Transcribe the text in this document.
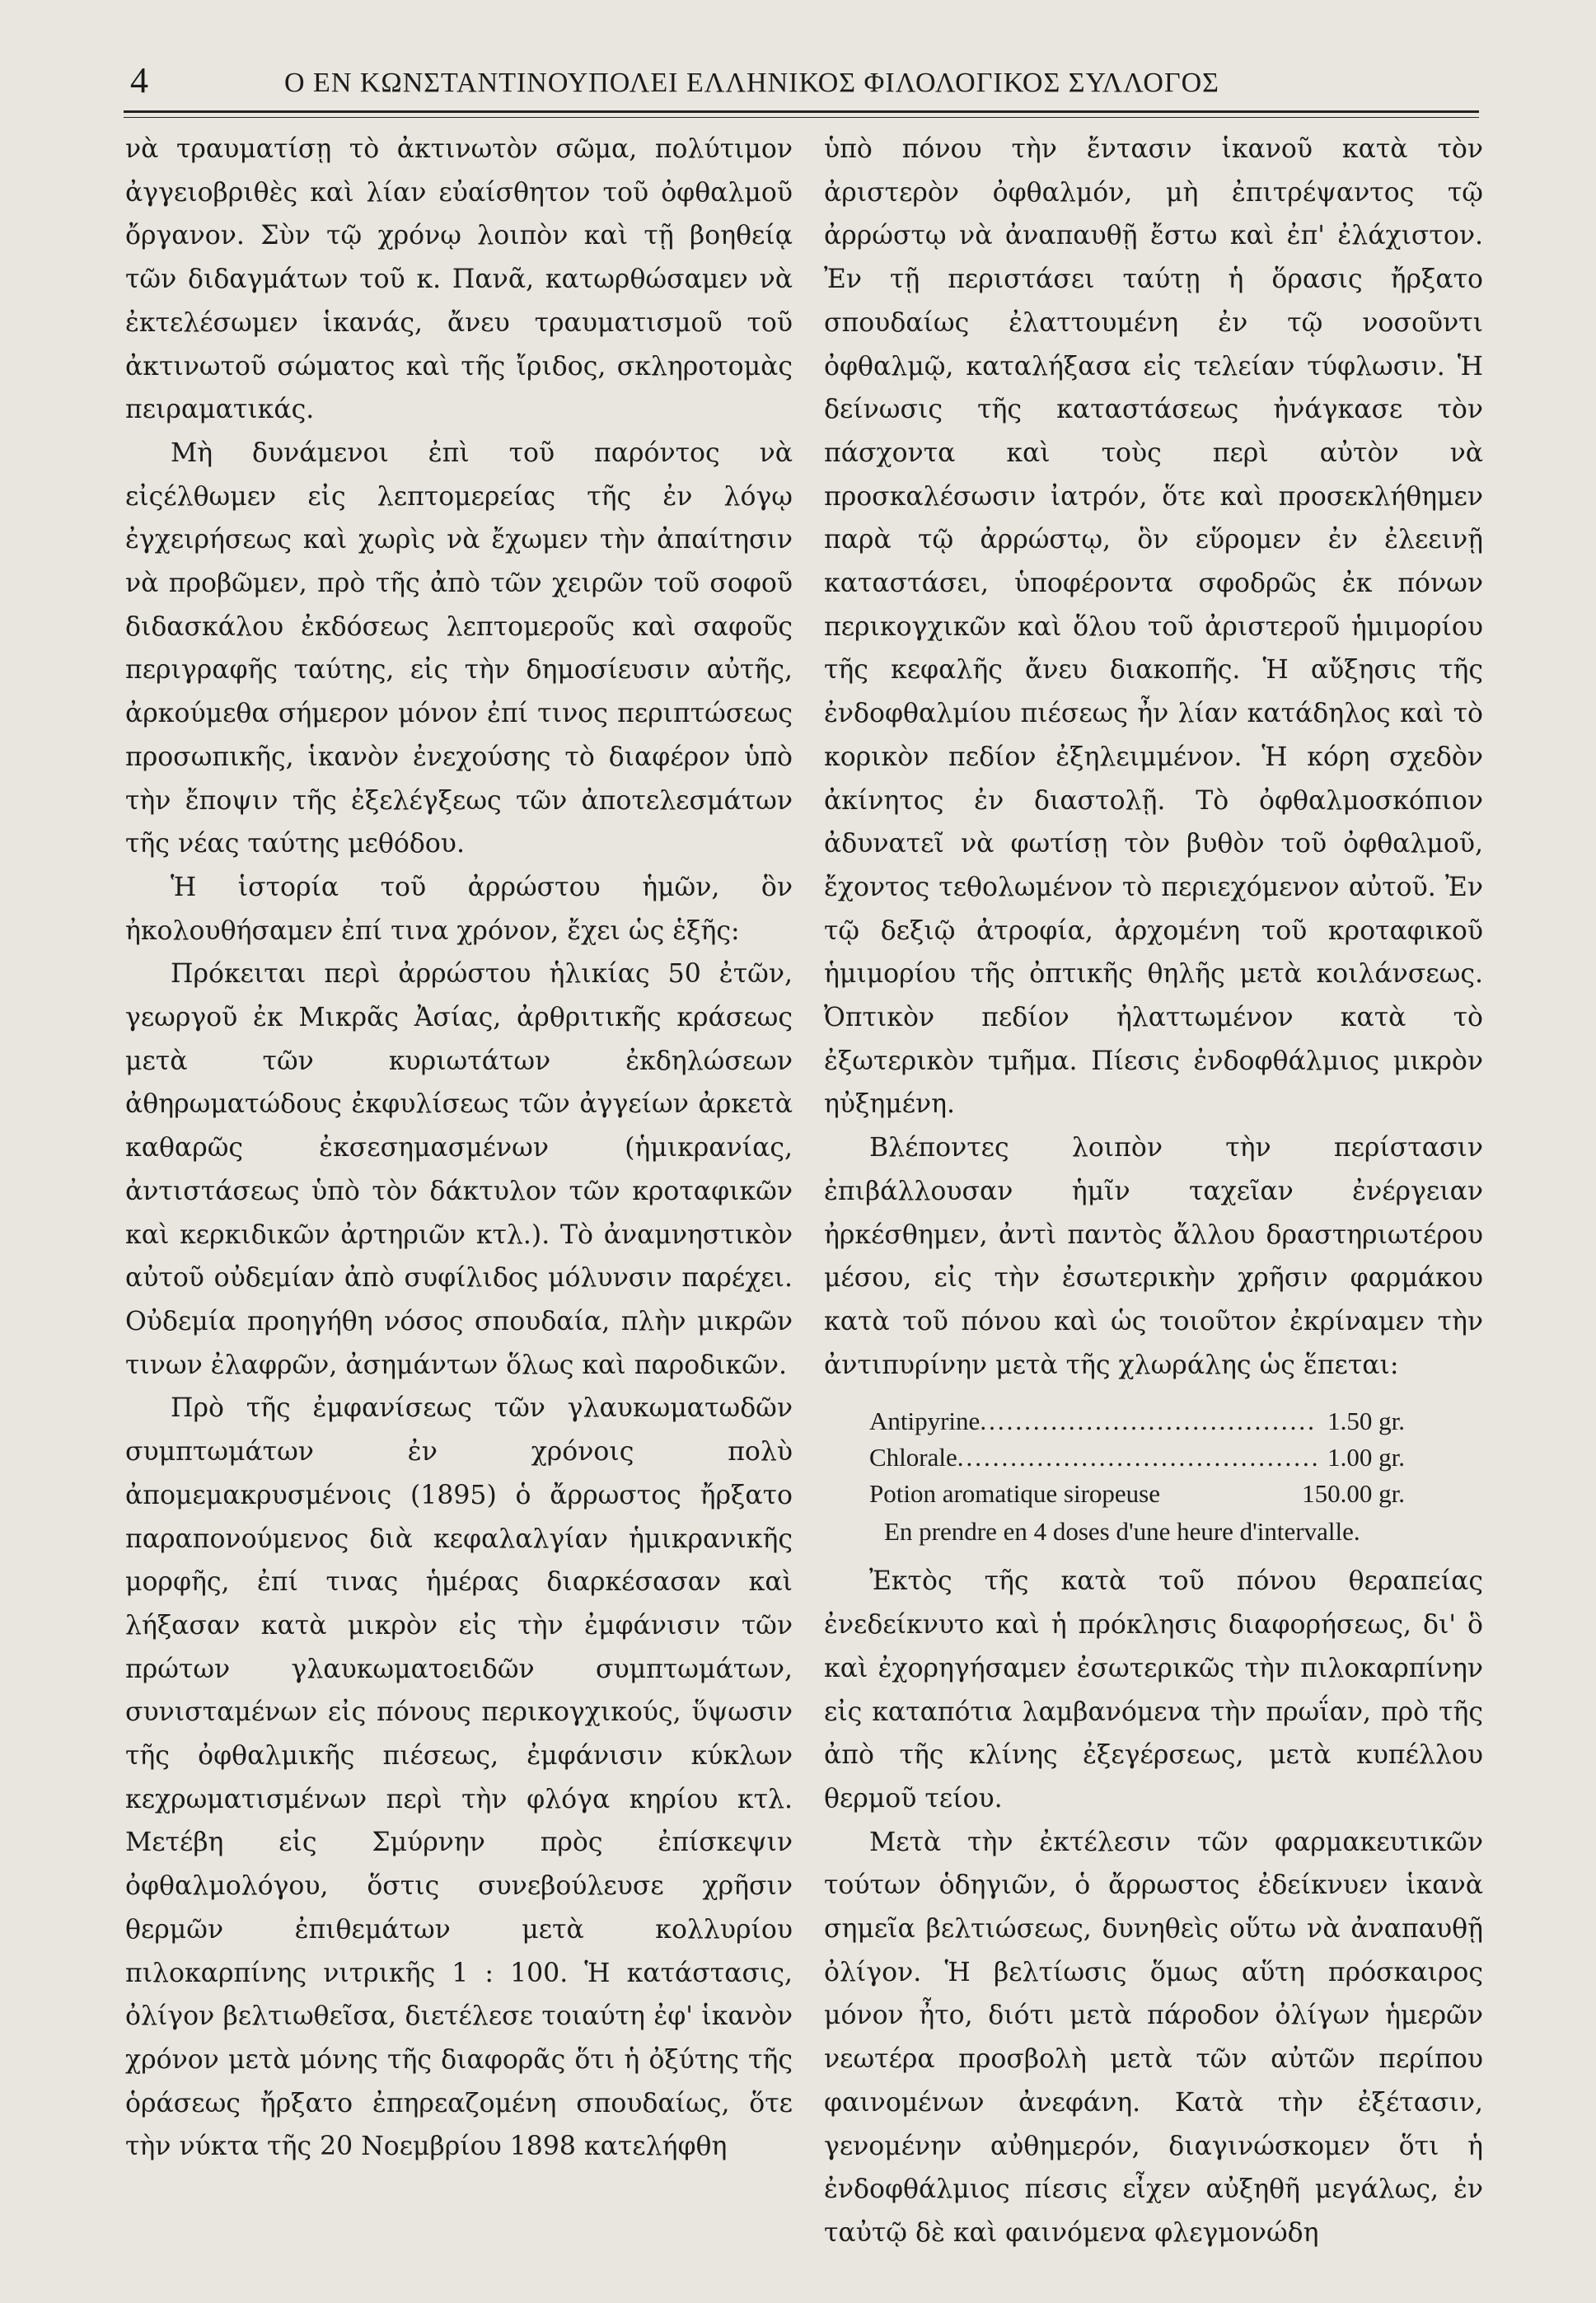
4	Ο ΕΝ ΚΩΝΣΤΑΝΤΙΝΟΥΠΟΛΕΙ ΕΛΛΗΝΙΚΟΣ ΦΙΛΟΛΟΓΙΚΟΣ ΣΥΛΛΟΓΟΣ

νὰ τραυματίσῃ τὸ ἀκτινωτὸν σῶμα, πολύτιμον ἀγγειοβριθὲς καὶ λίαν εὐαίσθητον τοῦ ὀφθαλμοῦ ὄργανον. Σὺν τῷ χρόνῳ λοιπὸν καὶ τῇ βοηθείᾳ τῶν διδαγμάτων τοῦ κ. Πανᾶ, κατωρθώσαμεν νὰ ἐκτελέσωμεν ἱκανάς, ἄνευ τραυματισμοῦ τοῦ ἀκτινωτοῦ σώματος καὶ τῆς ἴριδος, σκληροτομὰς πειραματικάς.

Μὴ δυνάμενοι ἐπὶ τοῦ παρόντος νὰ εἰςέλθωμεν εἰς λεπτομερείας τῆς ἐν λόγῳ ἐγχειρήσεως καὶ χωρὶς νὰ ἔχωμεν τὴν ἀπαίτησιν νὰ προβῶμεν, πρὸ τῆς ἀπὸ τῶν χειρῶν τοῦ σοφοῦ διδασκάλου ἐκδόσεως λεπτομεροῦς καὶ σαφοῦς περιγραφῆς ταύτης, εἰς τὴν δημοσίευσιν αὐτῆς, ἀρκούμεθα σήμερον μόνον ἐπί τινος περιπτώσεως προσωπικῆς, ἱκανὸν ἐνεχούσης τὸ διαφέρον ὑπὸ τὴν ἔποψιν τῆς ἐξελέγξεως τῶν ἀποτελεσμάτων τῆς νέας ταύτης μεθόδου.

Ἡ ἱστορία τοῦ ἀρρώστου ἡμῶν, ὃν ἠκολουθήσαμεν ἐπί τινα χρόνον, ἔχει ὡς ἑξῆς:

Πρόκειται περὶ ἀρρώστου ἡλικίας 50 ἐτῶν, γεωργοῦ ἐκ Μικρᾶς Ἀσίας, ἀρθριτικῆς κράσεως μετὰ τῶν κυριωτάτων ἐκδηλώσεων ἀθηρωματώδους ἐκφυλίσεως τῶν ἀγγείων ἀρκετὰ καθαρῶς ἐκσεσημασμένων (ἡμικρανίας, ἀντιστάσεως ὑπὸ τὸν δάκτυλον τῶν κροταφικῶν καὶ κερκιδικῶν ἀρτηριῶν κτλ.). Τὸ ἀναμνηστικὸν αὐτοῦ οὐδεμίαν ἀπὸ συφίλιδος μόλυνσιν παρέχει. Οὐδεμία προηγήθη νόσος σπουδαία, πλὴν μικρῶν τινων ἐλαφρῶν, ἀσημάντων ὅλως καὶ παροδικῶν.

Πρὸ τῆς ἐμφανίσεως τῶν γλαυκωματωδῶν συμπτωμάτων ἐν χρόνοις πολὺ ἀπομεμακρυσμένοις (1895) ὁ ἄρρωστος ἤρξατο παραπονούμενος διὰ κεφαλαλγίαν ἡμικρανικῆς μορφῆς, ἐπί τινας ἡμέρας διαρκέσασαν καὶ λήξασαν κατὰ μικρὸν εἰς τὴν ἐμφάνισιν τῶν πρώτων γλαυκωματοειδῶν συμπτωμάτων, συνισταμένων εἰς πόνους περικογχικούς, ὕψωσιν τῆς ὀφθαλμικῆς πιέσεως, ἐμφάνισιν κύκλων κεχρωματισμένων περὶ τὴν φλόγα κηρίου κτλ. Μετέβη εἰς Σμύρνην πρὸς ἐπίσκεψιν ὀφθαλμολόγου, ὅστις συνεβούλευσε χρῆσιν θερμῶν ἐπιθεμάτων μετὰ κολλυρίου πιλοκαρπίνης νιτρικῆς 1 : 100. Ἡ κατάστασις, ὀλίγον βελτιωθεῖσα, διετέλεσε τοιαύτη ἐφ' ἱκανὸν χρόνον μετὰ μόνης τῆς διαφορᾶς ὅτι ἡ ὀξύτης τῆς ὁράσεως ἤρξατο ἐπηρεαζομένη σπουδαίως, ὅτε τὴν νύκτα τῆς 20 Νοεμβρίου 1898 κατελήφθη

ὑπὸ πόνου τὴν ἔντασιν ἱκανοῦ κατὰ τὸν ἀριστερὸν ὀφθαλμόν, μὴ ἐπιτρέψαντος τῷ ἀρρώστῳ νὰ ἀναπαυθῇ ἔστω καὶ ἐπ' ἐλάχιστον. Ἐν τῇ περιστάσει ταύτῃ ἡ ὅρασις ἤρξατο σπουδαίως ἐλαττουμένη ἐν τῷ νοσοῦντι ὀφθαλμῷ, καταλήξασα εἰς τελείαν τύφλωσιν. Ἡ δείνωσις τῆς καταστάσεως ἠνάγκασε τὸν πάσχοντα καὶ τοὺς περὶ αὐτὸν νὰ προσκαλέσωσιν ἰατρόν, ὅτε καὶ προσεκλήθημεν παρὰ τῷ ἀρρώστῳ, ὃν εὕρομεν ἐν ἐλεεινῇ καταστάσει, ὑποφέροντα σφοδρῶς ἐκ πόνων περικογχικῶν καὶ ὅλου τοῦ ἀριστεροῦ ἡμιμορίου τῆς κεφαλῆς ἄνευ διακοπῆς. Ἡ αὔξησις τῆς ἐνδοφθαλμίου πιέσεως ἦν λίαν κατάδηλος καὶ τὸ κορικὸν πεδίον ἐξηλειμμένον. Ἡ κόρη σχεδὸν ἀκίνητος ἐν διαστολῇ. Τὸ ὀφθαλμοσκόπιον ἀδυνατεῖ νὰ φωτίσῃ τὸν βυθὸν τοῦ ὀφθαλμοῦ, ἔχοντος τεθολωμένον τὸ περιεχόμενον αὐτοῦ. Ἐν τῷ δεξιῷ ἀτροφία, ἀρχομένη τοῦ κροταφικοῦ ἡμιμορίου τῆς ὀπτικῆς θηλῆς μετὰ κοιλάνσεως. Ὀπτικὸν πεδίον ἠλαττωμένον κατὰ τὸ ἐξωτερικὸν τμῆμα. Πίεσις ἐνδοφθάλμιος μικρὸν ηὐξημένη.

Βλέποντες λοιπὸν τὴν περίστασιν ἐπιβάλλουσαν ἡμῖν ταχεῖαν ἐνέργειαν ἠρκέσθημεν, ἀντὶ παντὸς ἄλλου δραστηριωτέρου μέσου, εἰς τὴν ἐσωτερικὴν χρῆσιν φαρμάκου κατὰ τοῦ πόνου καὶ ὡς τοιοῦτον ἐκρίναμεν τὴν ἀντιπυρίνην μετὰ τῆς χλωράλης ὡς ἕπεται:

Antipyrine .....	1.50 gr.
Chlorale .....	1.00 gr.
Potion aromatique siropeuse	150.00 gr.
En prendre en 4 doses d'une heure d'intervalle.

Ἐκτὸς τῆς κατὰ τοῦ πόνου θεραπείας ἐνεδείκνυτο καὶ ἡ πρόκλησις διαφορήσεως, δι' ὃ καὶ ἐχορηγήσαμεν ἐσωτερικῶς τὴν πιλοκαρπίνην εἰς καταπότια λαμβανόμενα τὴν πρωΐαν, πρὸ τῆς ἀπὸ τῆς κλίνης ἐξεγέρσεως, μετὰ κυπέλλου θερμοῦ τείου.

Μετὰ τὴν ἐκτέλεσιν τῶν φαρμακευτικῶν τούτων ὁδηγιῶν, ὁ ἄρρωστος ἐδείκνυεν ἱκανὰ σημεῖα βελτιώσεως, δυνηθεὶς οὕτω νὰ ἀναπαυθῇ ὀλίγον. Ἡ βελτίωσις ὅμως αὕτη πρόσκαιρος μόνον ἦτο, διότι μετὰ πάροδον ὀλίγων ἡμερῶν νεωτέρα προσβολὴ μετὰ τῶν αὐτῶν περίπου φαινομένων ἀνεφάνη. Κατὰ τὴν ἐξέτασιν, γενομένην αὐθημερόν, διαγινώσκομεν ὅτι ἡ ἐνδοφθάλμιος πίεσις εἶχεν αὐξηθῆ μεγάλως, ἐν ταὐτῷ δὲ καὶ φαινόμενα φλεγμονώδη
